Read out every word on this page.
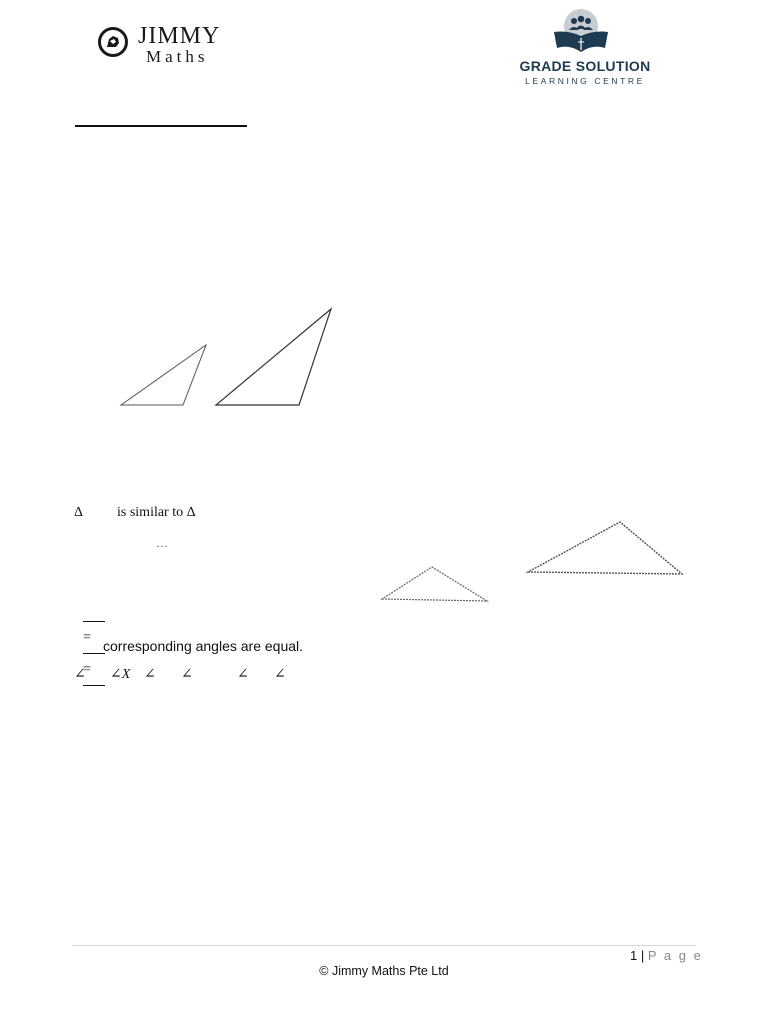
JIMMY
Maths	GRADE SOLUTION
LEARNING CENTRE
Δ is similar to Δ
…

=

=

corresponding angles are equal.
∠ ∠X ∠ ∠	∠ ∠
1 | P a g e
© Jimmy Maths Pte Ltd
